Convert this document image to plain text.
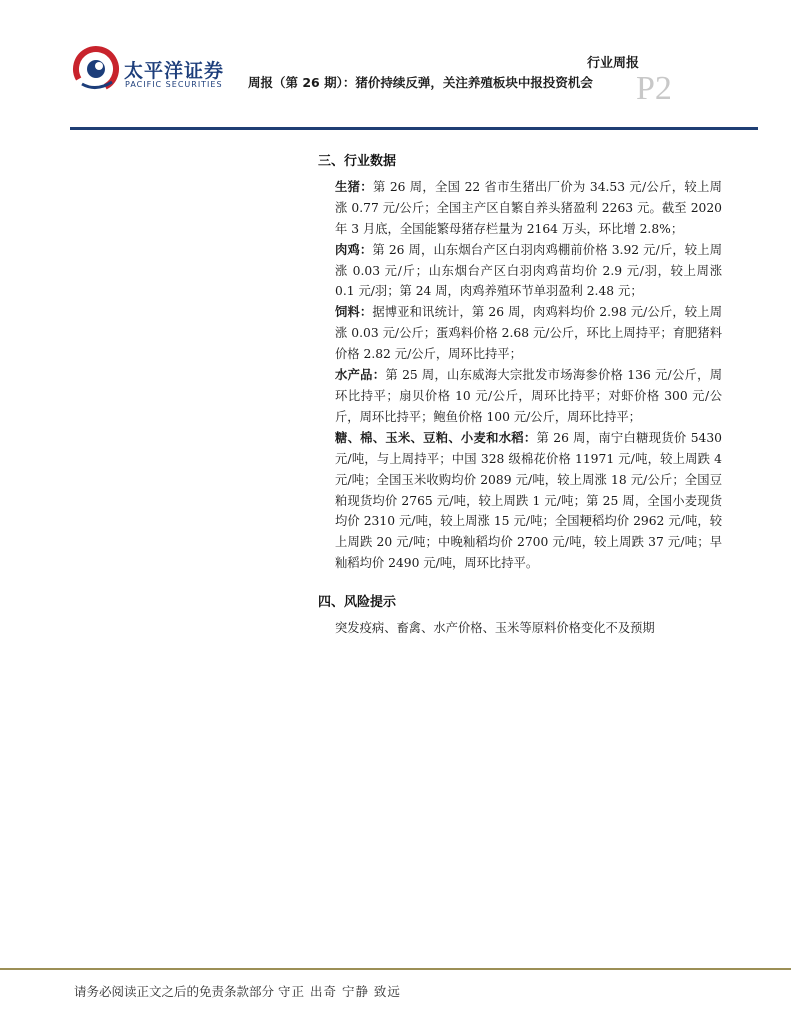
太平洋证券
PACIFIC SECURITIES
行业周报
周报（第 26 期）：猪价持续反弹，关注养殖板块中报投资机会 P2
三、行业数据

生猪：第 26 周，全国 22 省市生猪出厂价为 34.53 元/公斤，较上周涨 0.77 元/公斤；全国主产区自繁自养头猪盈利 2263 元。截至 2020 年 3 月底，全国能繁母猪存栏量为 2164 万头，环比增 2.8%；

肉鸡：第 26 周，山东烟台产区白羽肉鸡棚前价格 3.92 元/斤，较上周涨 0.03 元/斤；山东烟台产区白羽肉鸡苗均价 2.9 元/羽，较上周涨 0.1 元/羽；第 24 周，肉鸡养殖环节单羽盈利 2.48 元；

饲料：据博亚和讯统计，第 26 周，肉鸡料均价 2.98 元/公斤，较上周涨 0.03 元/公斤；蛋鸡料价格 2.68 元/公斤，环比上周持平；育肥猪料价格 2.82 元/公斤，周环比持平；

水产品：第 25 周，山东威海大宗批发市场海参价格 136 元/公斤，周环比持平；扇贝价格 10 元/公斤，周环比持平；对虾价格 300 元/公斤，周环比持平；鲍鱼价格 100 元/公斤，周环比持平；

糖、棉、玉米、豆粕、小麦和水稻：第 26 周，南宁白糖现货价 5430 元/吨，与上周持平；中国 328 级棉花价格 11971 元/吨，较上周跌 4 元/吨；全国玉米收购均价 2089 元/吨，较上周涨 18 元/公斤；全国豆粕现货均价 2765 元/吨，较上周跌 1 元/吨；第 25 周，全国小麦现货均价 2310 元/吨，较上周涨 15 元/吨；全国粳稻均价 2962 元/吨，较上周跌 20 元/吨；中晚籼稻均价 2700 元/吨，较上周跌 37 元/吨；早籼稻均价 2490 元/吨，周环比持平。

四、风险提示

突发疫病、畜禽、水产价格、玉米等原料价格变化不及预期

请务必阅读正文之后的免责条款部分 守正 出奇 宁静 致远
